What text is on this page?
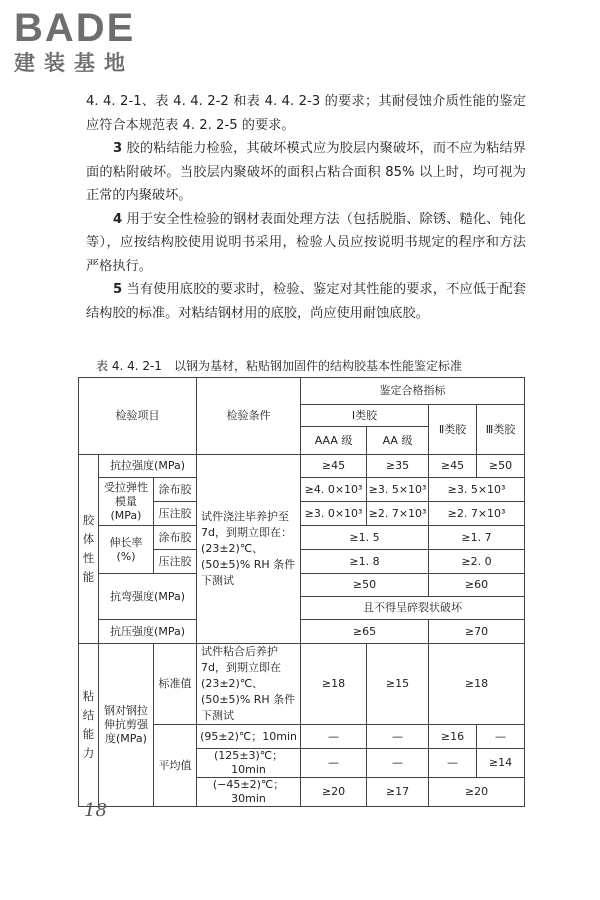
BADE
建装基地

4. 4. 2-1、表 4. 4. 2-2 和表 4. 4. 2-3 的要求；其耐侵蚀介质性能的鉴定应符合本规范表 4. 2. 2-5 的要求。

3 胶的粘结能力检验，其破坏模式应为胶层内聚破坏，而不应为粘结界面的粘附破坏。当胶层内聚破坏的面积占粘合面积 85% 以上时，均可视为正常的内聚破坏。

4 用于安全性检验的钢材表面处理方法（包括脱脂、除锈、糙化、钝化等），应按结构胶使用说明书采用，检验人员应按说明书规定的程序和方法严格执行。

5 当有使用底胶的要求时，检验、鉴定对其性能的要求，不应低于配套结构胶的标准。对粘结钢材用的底胶，尚应使用耐蚀底胶。

表 4. 4. 2-1　以钢为基材，粘贴钢加固件的结构胶基本性能鉴定标准
检验项目			检验条件	鉴定合格指标			
				Ⅰ类胶		Ⅱ类胶	Ⅲ类胶
				AAA 级	AA 级		

胶体性能	抗拉强度(MPa)		试件浇注毕养护至 7d，到期立即在：(23±2)℃、(50±5)% RH 条件下测试	≥45	≥35	≥45	≥50
	受拉弹性模量(MPa)	涂布胶		≥4. 0×10³	≥3. 5×10³	≥3. 5×10³	
		压注胶		≥3. 0×10³	≥2. 7×10³	≥2. 7×10³	
	伸长率(%)	涂布胶		≥1. 5		≥1. 7	
		压注胶		≥1. 8		≥2. 0	
	抗弯强度(MPa)			≥50		≥60	
				且不得呈碎裂状破坏			
	抗压强度(MPa)			≥65		≥70	

粘结能力	钢对钢拉伸抗剪强度(MPa)	标准值	试件粘合后养护 7d，到期立即在 (23±2)℃、(50±5)% RH 条件下测试	≥18	≥15	≥18	
		平均值	(95±2)℃；10min	—	—	≥16	—
			(125±3)℃；10min	—	—	—	≥14
			(−45±2)℃；30min	≥20	≥17	≥20	
18
